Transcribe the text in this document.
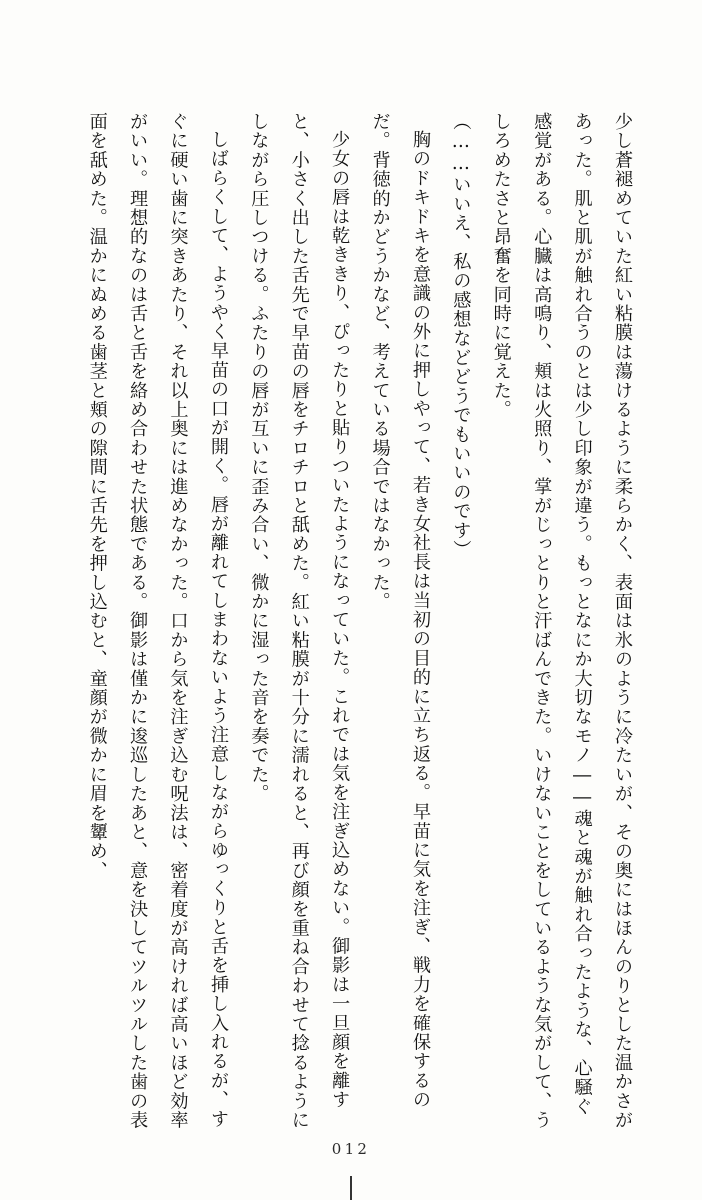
少し蒼褪めていた紅い粘膜は蕩けるように柔らかく、表面は氷のように冷たいが、その奥にはほんのりとした温かさがあった。肌と肌が触れ合うのとは少し印象が違う。もっとなにか大切なモノ――魂と魂が触れ合ったような、心騒ぐ感覚がある。心臓は高鳴り、頬は火照り、掌がじっとりと汗ばんできた。いけないことをしているような気がして、うしろめたさと昂奮を同時に覚えた。

（……いいえ、私の感想などどうでもいいのです）

胸のドキドキを意識の外に押しやって、若き女社長は当初の目的に立ち返る。早苗に気を注ぎ、戦力を確保するのだ。背徳的かどうかなど、考えている場合ではなかった。

少女の唇は乾ききり、ぴったりと貼りついたようになっていた。これでは気を注ぎ込めない。御影は一旦顔を離すと、小さく出した舌先で早苗の唇をチロチロと舐めた。紅い粘膜が十分に濡れると、再び顔を重ね合わせて捻るようにしながら圧しつける。ふたりの唇が互いに歪み合い、微かに湿った音を奏でた。

しばらくして、ようやく早苗の口が開く。唇が離れてしまわないよう注意しながらゆっくりと舌を挿し入れるが、すぐに硬い歯に突きあたり、それ以上奥には進めなかった。口から気を注ぎ込む呪法は、密着度が高ければ高いほど効率がいい。理想的なのは舌と舌を絡め合わせた状態である。御影は僅かに逡巡したあと、意を決してツルツルした歯の表面を舐めた。温かにぬめる歯茎と頬の隙間に舌先を押し込むと、童顔が微かに眉を顰め、

012
